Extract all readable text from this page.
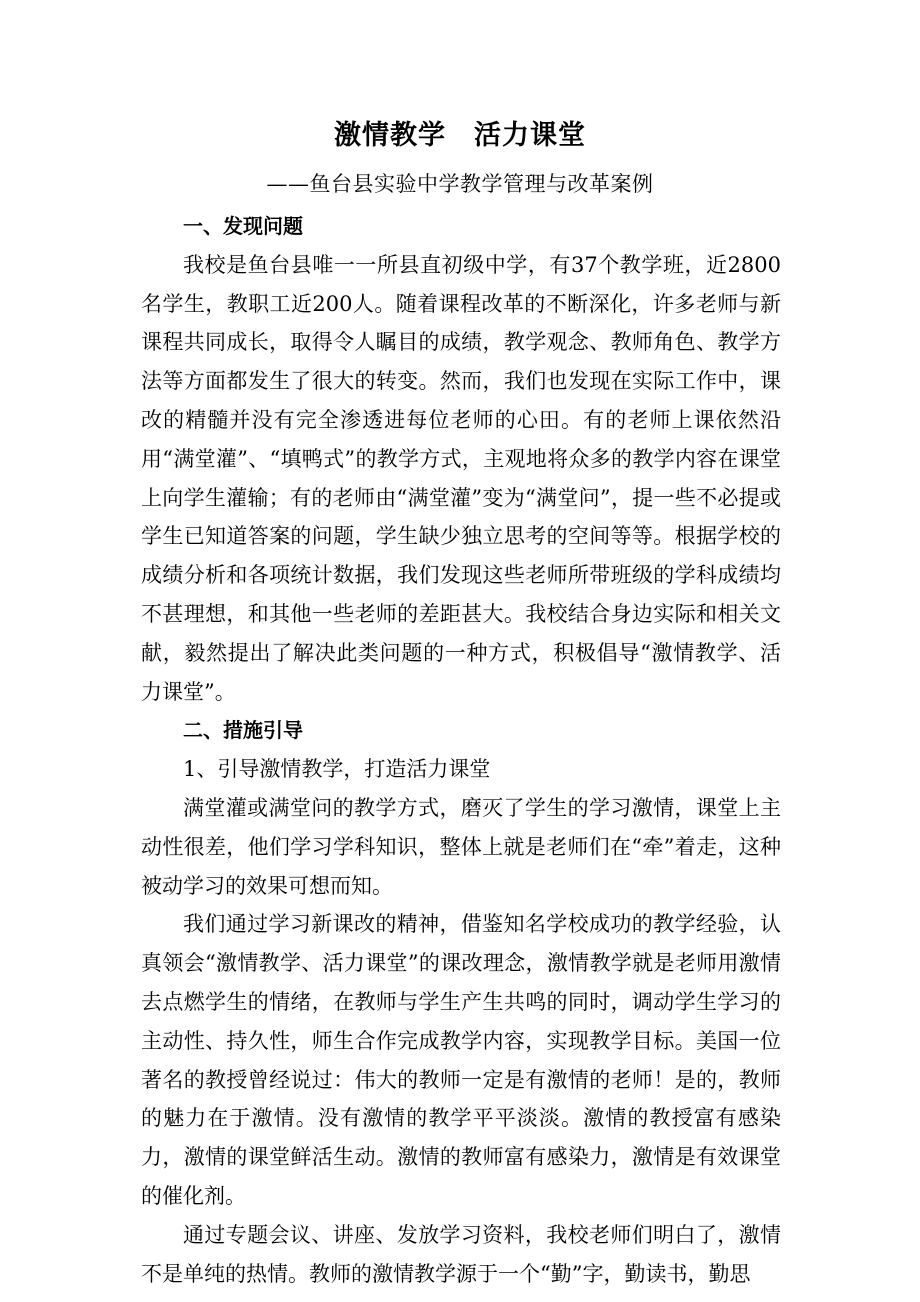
激情教学　活力课堂
——鱼台县实验中学教学管理与改革案例

一、发现问题

我校是鱼台县唯一一所县直初级中学，有37个教学班，近2800名学生，教职工近200人。随着课程改革的不断深化，许多老师与新课程共同成长，取得令人瞩目的成绩，教学观念、教师角色、教学方法等方面都发生了很大的转变。然而，我们也发现在实际工作中，课改的精髓并没有完全渗透进每位老师的心田。有的老师上课依然沿用“满堂灌”、“填鸭式”的教学方式，主观地将众多的教学内容在课堂上向学生灌输；有的老师由“满堂灌”变为“满堂问”，提一些不必提或学生已知道答案的问题，学生缺少独立思考的空间等等。根据学校的成绩分析和各项统计数据，我们发现这些老师所带班级的学科成绩均不甚理想，和其他一些老师的差距甚大。我校结合身边实际和相关文献，毅然提出了解决此类问题的一种方式，积极倡导“激情教学、活力课堂”。

二、措施引导

1、引导激情教学，打造活力课堂

满堂灌或满堂问的教学方式，磨灭了学生的学习激情，课堂上主动性很差，他们学习学科知识，整体上就是老师们在“牵”着走，这种被动学习的效果可想而知。

我们通过学习新课改的精神，借鉴知名学校成功的教学经验，认真领会“激情教学、活力课堂”的课改理念，激情教学就是老师用激情去点燃学生的情绪，在教师与学生产生共鸣的同时，调动学生学习的主动性、持久性，师生合作完成教学内容，实现教学目标。美国一位著名的教授曾经说过：伟大的教师一定是有激情的老师！是的，教师的魅力在于激情。没有激情的教学平平淡淡。激情的教授富有感染力，激情的课堂鲜活生动。激情的教师富有感染力，激情是有效课堂的催化剂。

通过专题会议、讲座、发放学习资料，我校老师们明白了，激情不是单纯的热情。教师的激情教学源于一个“勤”字，勤读书，勤思
